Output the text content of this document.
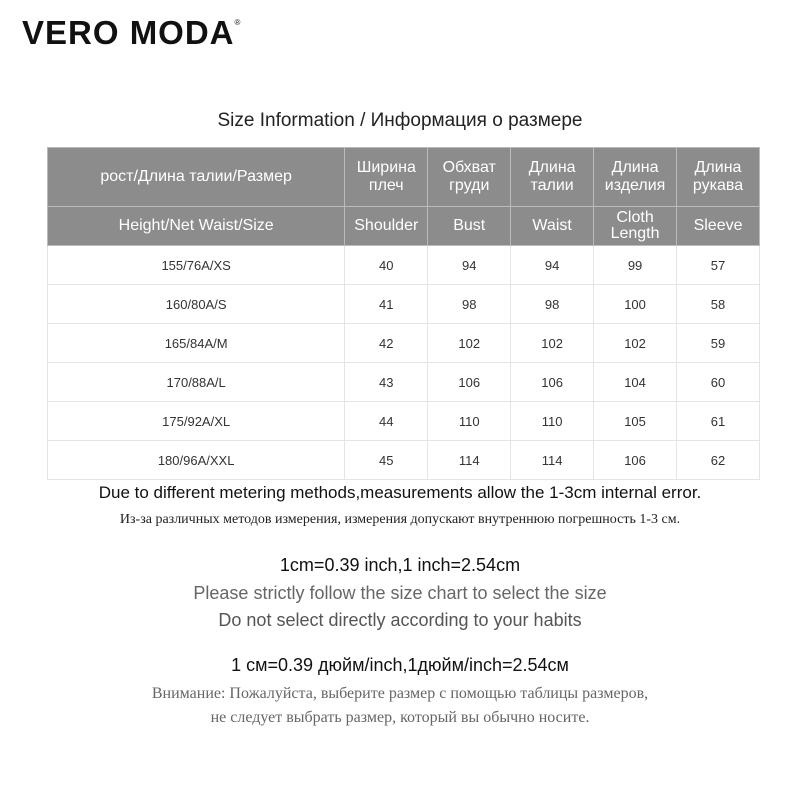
VERO MODA®
Size Information / Информация о размере
рост/Длина талии/Размер	Ширина плеч	Обхват груди	Длина талии	Длина изделия	Длина рукава
Height/Net Waist/Size	Shoulder	Bust	Waist	Cloth Length	Sleeve
155/76A/XS	40	94	94	99	57
160/80A/S	41	98	98	100	58
165/84A/M	42	102	102	102	59
170/88A/L	43	106	106	104	60
175/92A/XL	44	110	110	105	61
180/96A/XXL	45	114	114	106	62
Due to different metering methods,measurements allow the 1-3cm internal error.
Из-за различных методов измерения, измерения допускают внутреннюю погрешность 1-3 см.
1cm=0.39 inch,1 inch=2.54cm
Please strictly follow the size chart to select the size
Do not select directly according to your habits
1 см=0.39 дюйм/inch,1дюйм/inch=2.54см
Внимание: Пожалуйста, выберите размер с помощью таблицы размеров,
не следует выбрать размер, который вы обычно носите.
